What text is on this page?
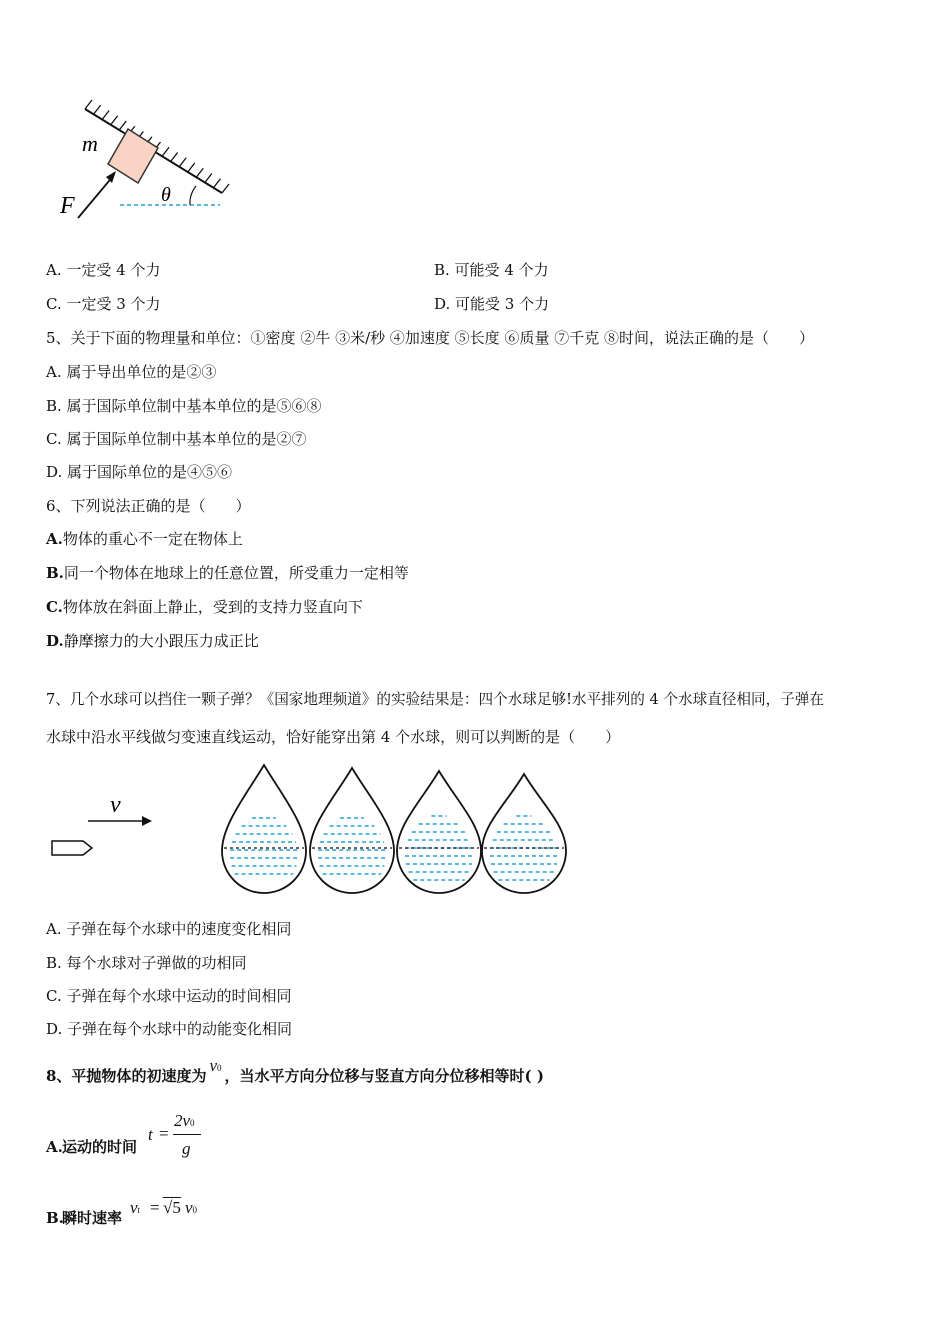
m
F	θ
A. 一定受 4 个力	B. 可能受 4 个力
C. 一定受 3 个力	D. 可能受 3 个力
5、关于下面的物理量和单位：①密度 ②牛 ③米/秒 ④加速度 ⑤长度 ⑥质量 ⑦千克 ⑧时间，说法正确的是（　　）
A. 属于导出单位的是②③
B. 属于国际单位制中基本单位的是⑤⑥⑧
C. 属于国际单位制中基本单位的是②⑦
D. 属于国际单位的是④⑤⑥
6、下列说法正确的是（　　）
A.物体的重心不一定在物体上
B.同一个物体在地球上的任意位置，所受重力一定相等
C.物体放在斜面上静止，受到的支持力竖直向下
D.静摩擦力的大小跟压力成正比
7、几个水球可以挡住一颗子弹？《国家地理频道》的实验结果是：四个水球足够!水平排列的 4 个水球直径相同，子弹在
水球中沿水平线做匀变速直线运动，恰好能穿出第 4 个水球，则可以判断的是（　　）
v
A. 子弹在每个水球中的速度变化相同
B. 每个水球对子弹做的功相同
C. 子弹在每个水球中运动的时间相同
D. 子弹在每个水球中的动能变化相同
8、平抛物体的初速度为v0 ，当水平方向分位移与竖直方向分位移相等时( )
A. 运动的时间
t =
2v0
g
B.
瞬时速率
vt = √5 v0
